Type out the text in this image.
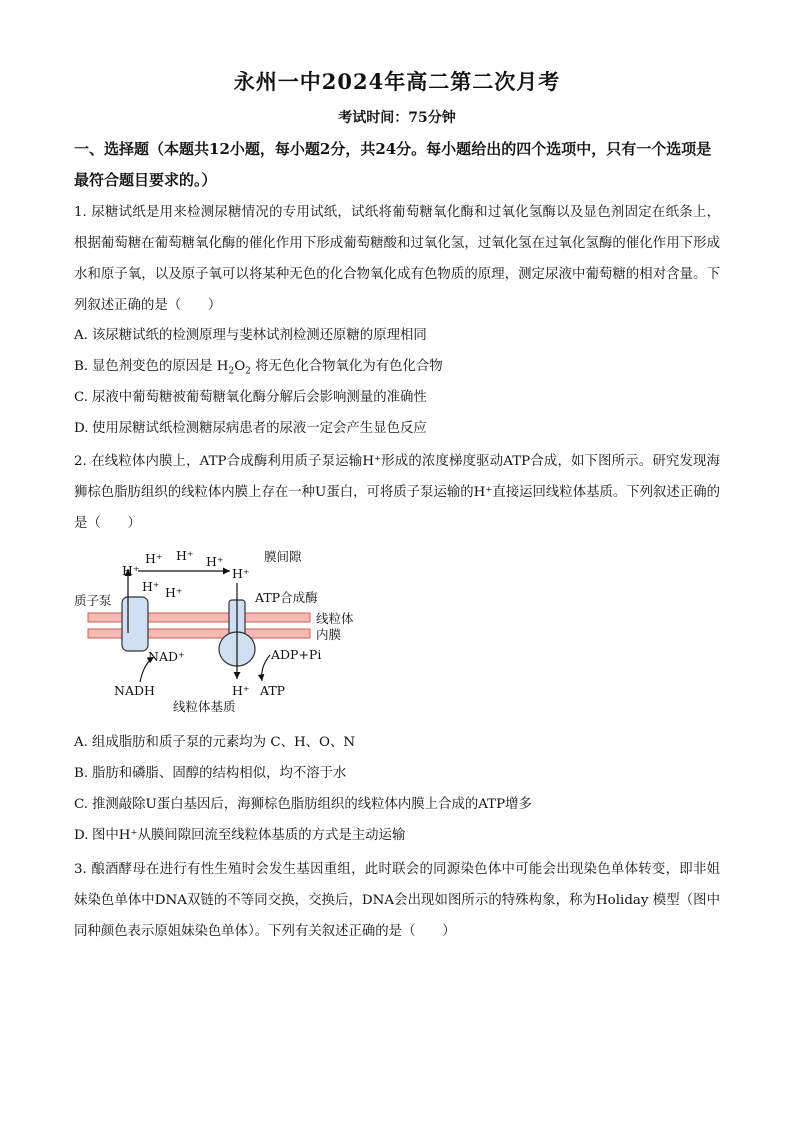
永州一中2024年高二第二次月考
考试时间：75分钟
一、选择题（本题共12小题，每小题2分，共24分。每小题给出的四个选项中，只有一个选项是最符合题目要求的。）
1. 尿糖试纸是用来检测尿糖情况的专用试纸，试纸将葡萄糖氧化酶和过氧化氢酶以及显色剂固定在纸条上，根据葡萄糖在葡萄糖氧化酶的催化作用下形成葡萄糖酸和过氧化氢，过氧化氢在过氧化氢酶的催化作用下形成水和原子氧，以及原子氧可以将某种无色的化合物氧化成有色物质的原理，测定尿液中葡萄糖的相对含量。下列叙述正确的是（　　）
A. 该尿糖试纸的检测原理与斐林试剂检测还原糖的原理相同
B. 显色剂变色的原因是 $H_2O_2$ 将无色化合物氧化为有色化合物
C. 尿液中葡萄糖被葡萄糖氧化酶分解后会影响测量的准确性
D. 使用尿糖试纸检测糖尿病患者的尿液一定会产生显色反应
2. 在线粒体内膜上，ATP合成酶利用质子泵运输H⁺形成的浓度梯度驱动ATP合成，如下图所示。研究发现海狮棕色脂肪组织的线粒体内膜上存在一种U蛋白，可将质子泵运输的H⁺直接运回线粒体基质。下列叙述正确的是（　　）
H⁺ H⁺ H⁺
H⁺	H⁺
H⁺ H⁺
H⁺
膜间隙
质子泵	ATP合成酶
线粒体
内膜
NAD⁺
NADH
ADP+Pi
ATP
线粒体基质
A. 组成脂肪和质子泵的元素均为 C、H、O、N
B. 脂肪和磷脂、固醇的结构相似，均不溶于水
C. 推测敲除U蛋白基因后，海狮棕色脂肪组织的线粒体内膜上合成的ATP增多
D. 图中H⁺从膜间隙回流至线粒体基质的方式是主动运输
3. 酿酒酵母在进行有性生殖时会发生基因重组，此时联会的同源染色体中可能会出现染色单体转变，即非姐妹染色单体中DNA双链的不等同交换，交换后，DNA会出现如图所示的特殊构象，称为Holiday 模型（图中同种颜色表示原姐妹染色单体）。下列有关叙述正确的是（　　）
